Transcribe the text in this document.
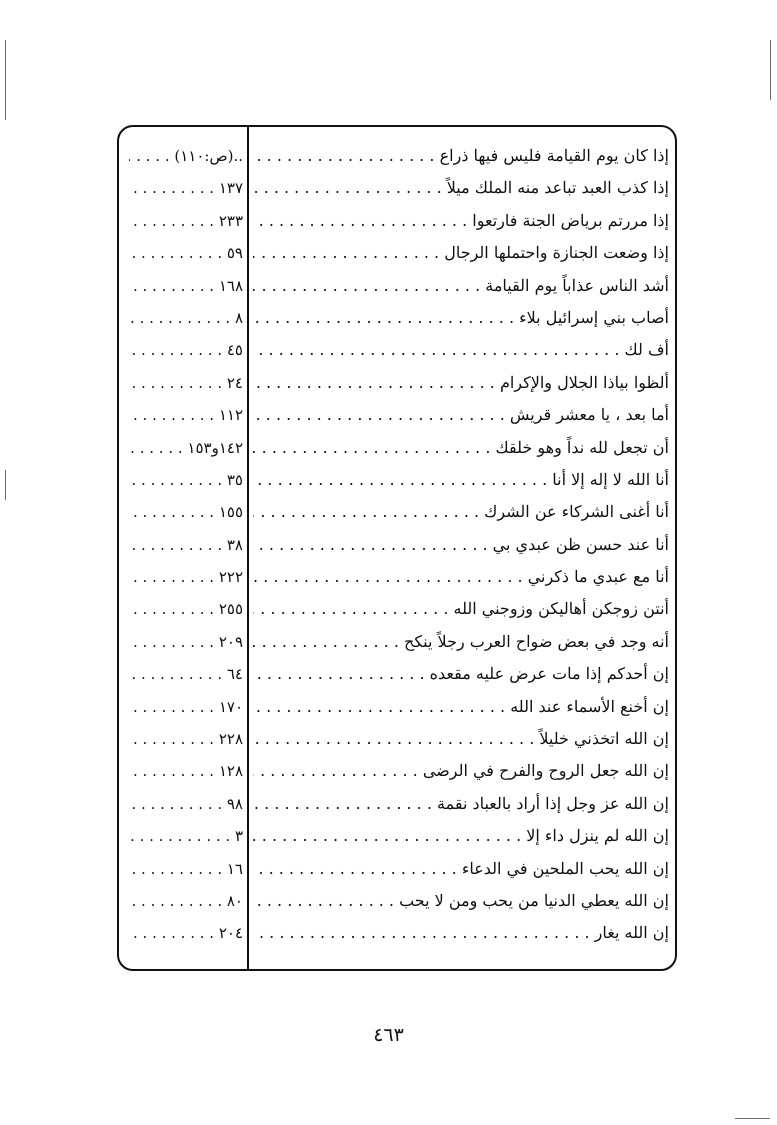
إذا كان يوم القيامة فليس فيها ذراع . . .
..(ص:١١٠) . . .
إذا كذب العبد تباعد منه الملك ميلاً . . .
١٣٧ . . .
إذا مررتم برياض الجنة فارتعوا . . .
٢٣٣ . . .
إذا وضعت الجنازة واحتملها الرجال . . .
٥٩ . . .
أشد الناس عذاباً يوم القيامة . . .
١٦٨ . . .
أصاب بني إسرائيل بلاء . . .
٨ . . .
أف لك . . .
٤٥ . . .
ألظوا بياذا الجلال والإكرام . . .
٢٤ . . .
أما بعد ، يا معشر قريش . . .
١١٢ . . .
أن تجعل لله نداً وهو خلقك . . .
١٤٢و١٥٣ . . .
أنا الله لا إله إلا أنا . . .
٣٥ . . .
أنا أغنى الشركاء عن الشرك . . .
١٥٥ . . .
أنا عند حسن ظن عبدي بي . . .
٣٨ . . .
أنا مع عبدي ما ذكرني . . .
٢٢٢ . . .
أنتن زوجكن أهاليكن وزوجني الله . . .
٢٥٥ . . .
أنه وجد في بعض ضواح العرب رجلاً ينكح . . .
٢٠٩ . . .
إن أحدكم إذا مات عرض عليه مقعده . . .
٦٤ . . .
إن أخنع الأسماء عند الله . . .
١٧٠ . . .
إن الله اتخذني خليلاً . . .
٢٢٨ . . .
إن الله جعل الروح والفرح في الرضى . . .
١٢٨ . . .
إن الله عز وجل إذا أراد بالعباد نقمة . . .
٩٨ . . .
إن الله لم ينزل داء إلا . . .
٣ . . .
إن الله يحب الملحين في الدعاء . . .
١٦ . . .
إن الله يعطي الدنيا من يحب ومن لا يحب . . .
٨٠ . . .
إن الله يغار . . .
٢٠٤ . . .
٤٦٣
